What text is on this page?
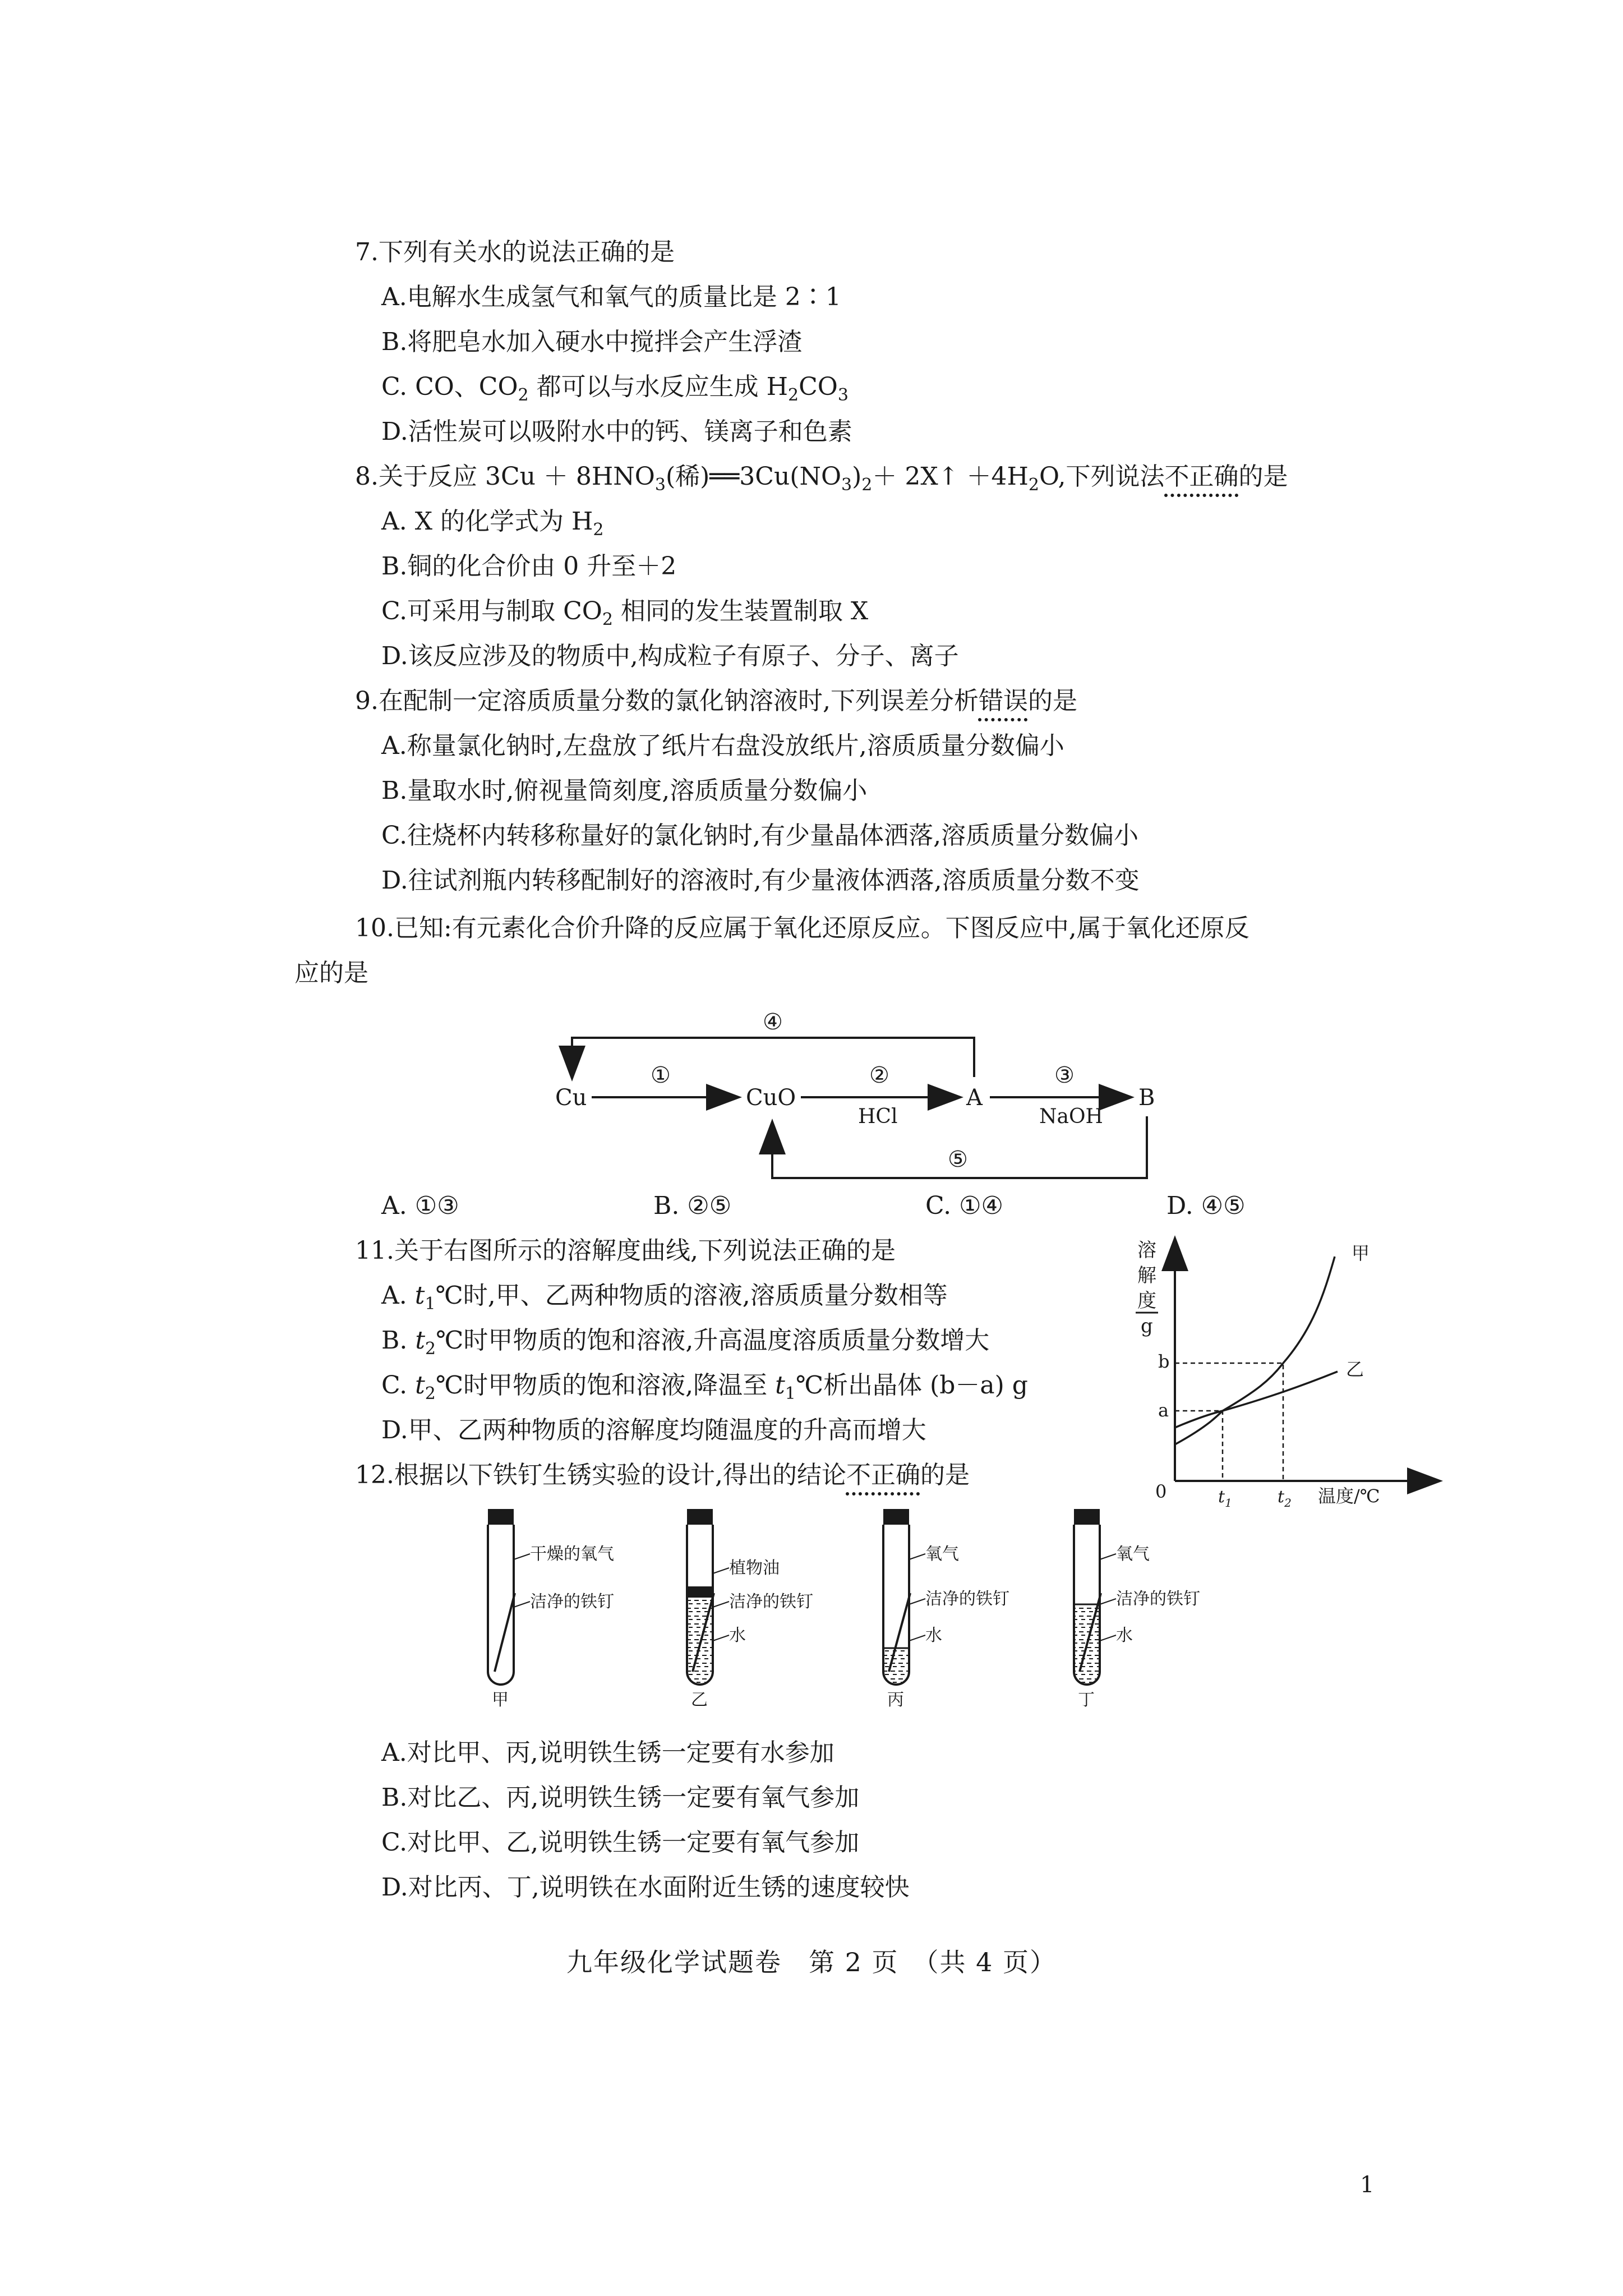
7.下列有关水的说法正确的是
A.电解水生成氢气和氧气的质量比是 2∶1
B.将肥皂水加入硬水中搅拌会产生浮渣
C. CO、$CO_2$ 都可以与水反应生成 $H_2CO_3$
D.活性炭可以吸附水中的钙、镁离子和色素
8.关于反应 $3Cu + 8HNO_3$(稀)$══3Cu(NO_3)_2+$ 2X↑ $+4H_2O$,下列说法不正确的是
A. X 的化学式为 $H_2$
B.铜的化合价由 0 升至＋2
C.可采用与制取 $CO_2$ 相同的发生装置制取 X
D.该反应涉及的物质中,构成粒子有原子、分子、离子
9.在配制一定溶质质量分数的氯化钠溶液时,下列误差分析错误的是
A.称量氯化钠时,左盘放了纸片右盘没放纸片,溶质质量分数偏小
B.量取水时,俯视量筒刻度,溶质质量分数偏小
C.往烧杯内转移称量好的氯化钠时,有少量晶体洒落,溶质质量分数偏小
D.往试剂瓶内转移配制好的溶液时,有少量液体洒落,溶质质量分数不变
10.已知:有元素化合价升降的反应属于氧化还原反应。下图反应中,属于氧化还原反
应的是
Cu	CuO	A	B
①	②
HCl
③
NaOH
④
⑤
A. ①③	B. ②⑤	C. ①④	D. ④⑤
11.关于右图所示的溶解度曲线,下列说法正确的是
A. $t_1℃$时,甲、乙两种物质的溶液,溶质质量分数相等
B. $t_2℃$时甲物质的饱和溶液,升高温度溶质质量分数增大
C. $t_2℃$时甲物质的饱和溶液,降温至 $t_1℃$析出晶体 (b－a) g
D.甲、乙两种物质的溶解度均随温度的升高而增大
溶
解
度
g
0	$t_1$	$t_2$ 温度/℃
a
b
甲
乙
12.根据以下铁钉生锈实验的设计,得出的结论不正确的是
干燥的氧气
洁净的铁钉
甲
植物油
洁净的铁钉
水
乙
氧气
洁净的铁钉
水
丙
氧气
洁净的铁钉
水
丁
A.对比甲、丙,说明铁生锈一定要有水参加
B.对比乙、丙,说明铁生锈一定要有氧气参加
C.对比甲、乙,说明铁生锈一定要有氧气参加
D.对比丙、丁,说明铁在水面附近生锈的速度较快
九年级化学试题卷　第 2 页　（共 4 页）
1
